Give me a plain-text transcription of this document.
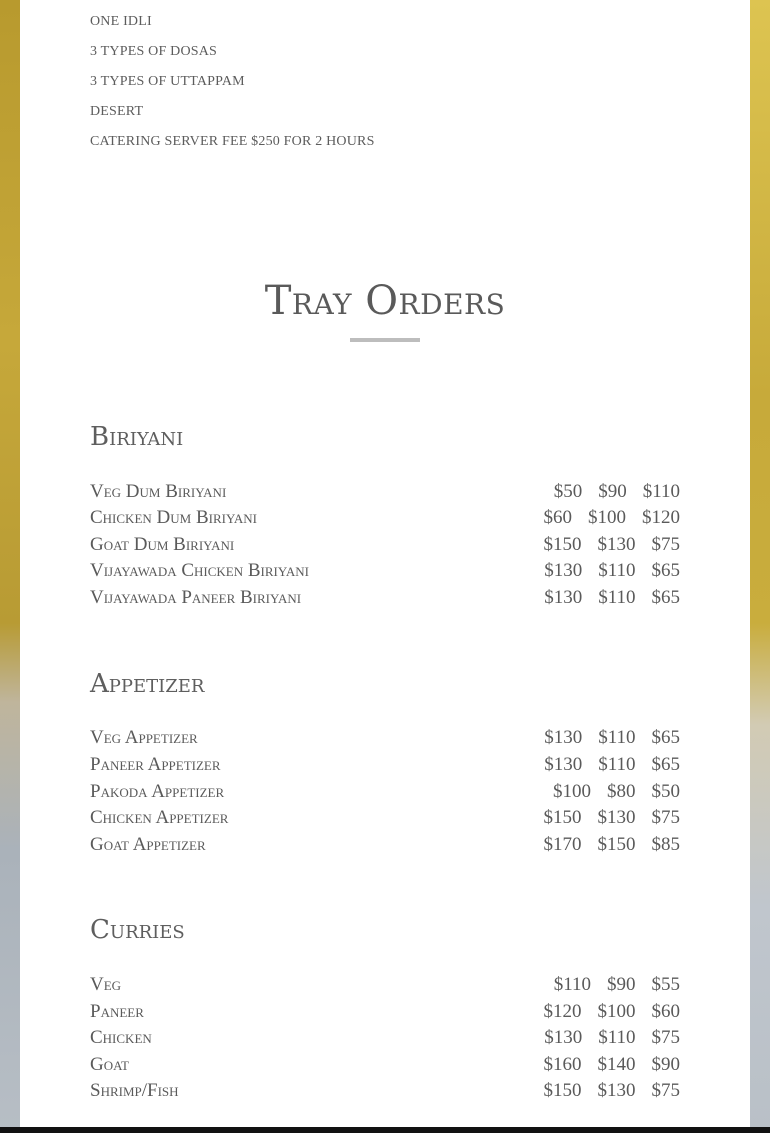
ONE IDLI
3 TYPES OF DOSAS
3 TYPES OF UTTAPPAM
DESERT
CATERING SERVER FEE $250 FOR 2 HOURS
Tray Orders
Biriyani
Veg Dum Biriyani	$50 $90 $110
Chicken Dum Biriyani	$60 $100 $120
Goat Dum Biriyani	$150 $130 $75
Vijayawada Chicken Biriyani	$130 $110 $65
Vijayawada Paneer Biriyani	$130 $110 $65
Appetizer
Veg Appetizer	$130 $110 $65
Paneer Appetizer	$130 $110 $65
Pakoda Appetizer	$100 $80 $50
Chicken Appetizer	$150 $130 $75
Goat Appetizer	$170 $150 $85
Curries
Veg	$110 $90 $55
Paneer	$120 $100 $60
Chicken	$130 $110 $75
Goat	$160 $140 $90
Shrimp/Fish	$150 $130 $75
